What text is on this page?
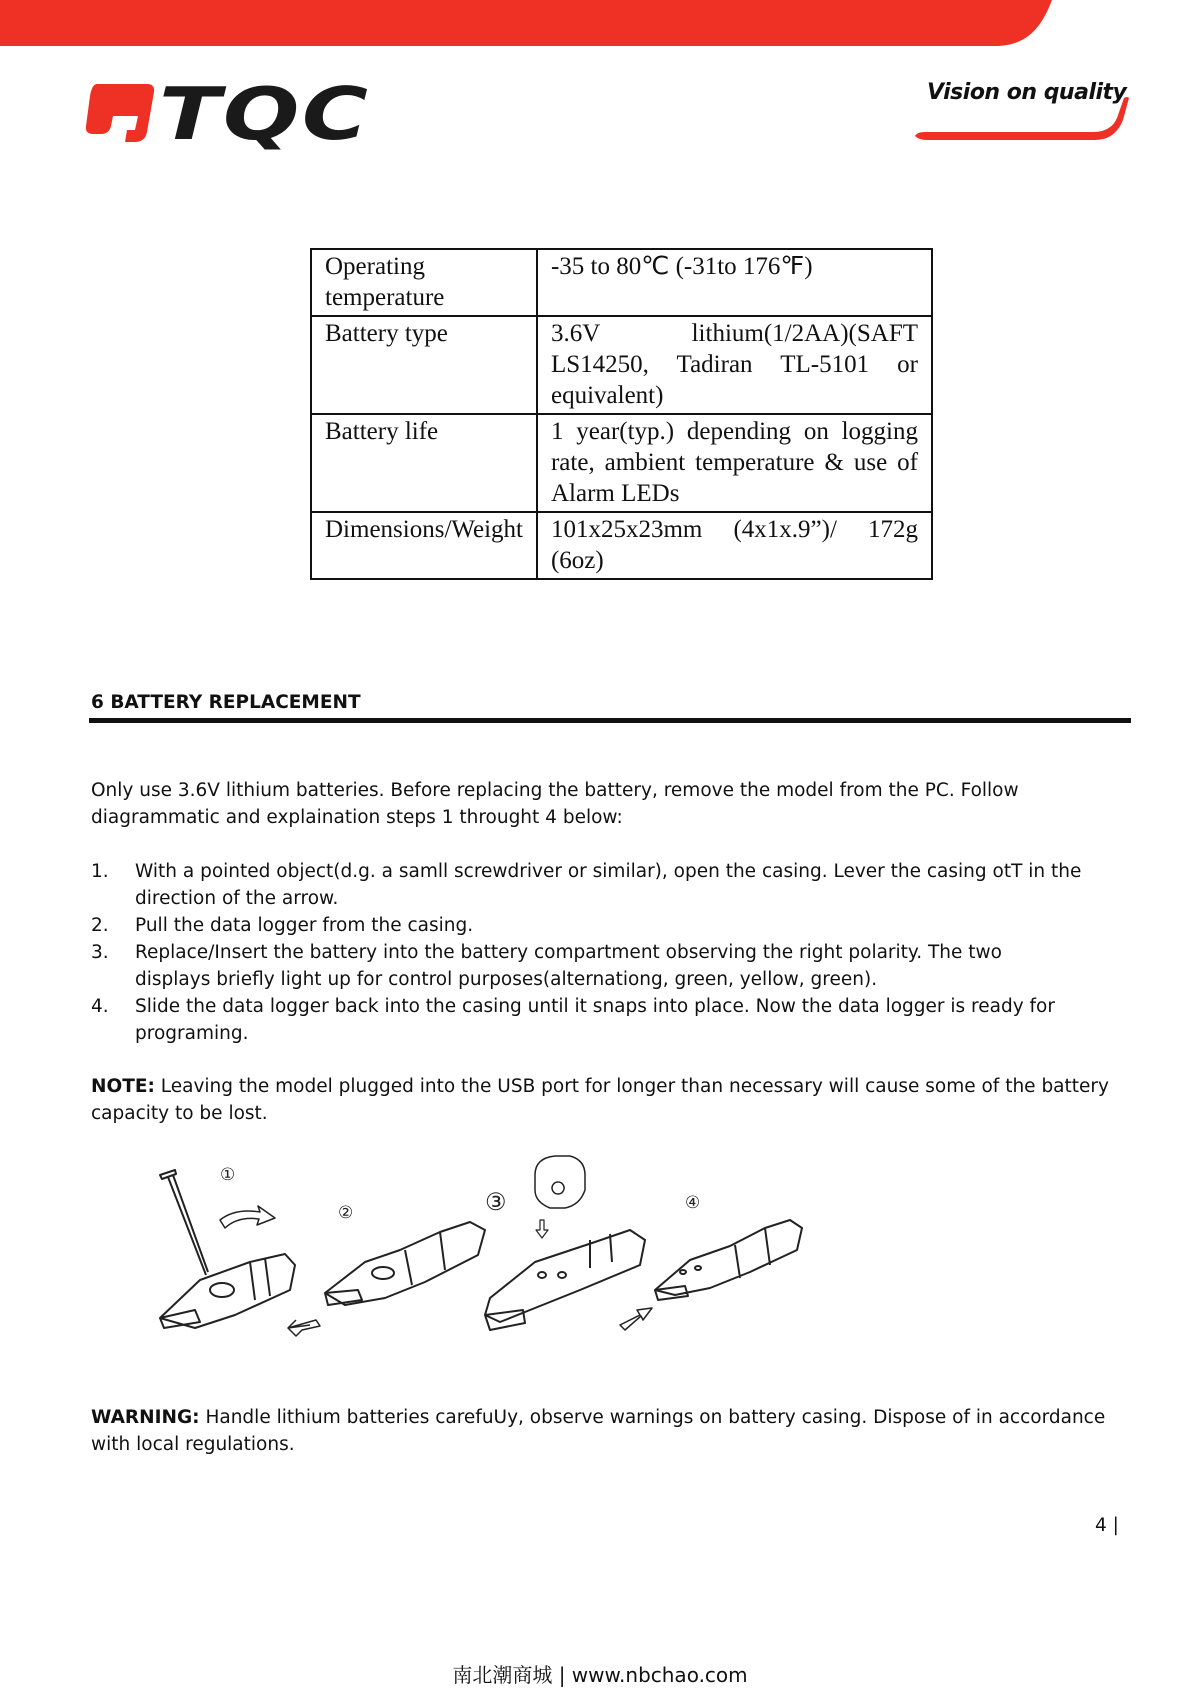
TQC	Vision on quality
Operating temperature	-35 to 80℃ (-31to 176℉)
Battery type	3.6V lithium(1/2AA)(SAFT LS14250, Tadiran TL-5101 or equivalent)
Battery life	1 year(typ.) depending on logging rate, ambient temperature & use of Alarm LEDs
Dimensions/Weight	101x25x23mm (4x1x.9”)/ 172g (6oz)
6 BATTERY REPLACEMENT
Only use 3.6V lithium batteries. Before replacing the battery, remove the model from the PC. Follow diagrammatic and explaination steps 1 throught 4 below:
1. With a pointed object(d.g. a samll screwdriver or similar), open the casing. Lever the casing otT in the direction of the arrow.
2. Pull the data logger from the casing.
3. Replace/Insert the battery into the battery compartment observing the right polarity. The two displays briefly light up for control purposes(alternationg, green, yellow, green).
4. Slide the data logger back into the casing until it snaps into place. Now the data logger is ready for programing.
NOTE: Leaving the model plugged into the USB port for longer than necessary will cause some of the battery capacity to be lost.
①
②	③	④
WARNING: Handle lithium batteries carefuUy, observe warnings on battery casing. Dispose of in accordance with local regulations.
4 |
南北潮商城 | www.nbchao.com
